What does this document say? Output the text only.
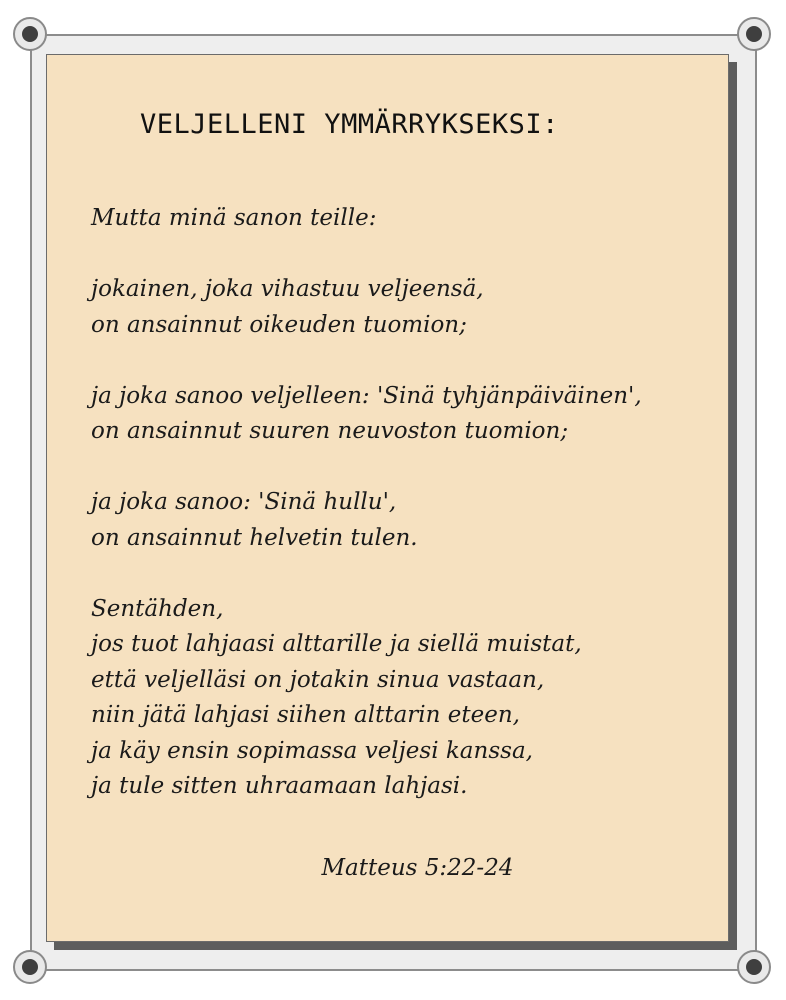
VELJELLENI YMMÄRRYKSEKSI:
Mutta minä sanon teille:
jokainen, joka vihastuu veljeensä,
on ansainnut oikeuden tuomion;
ja joka sanoo veljelleen: 'Sinä tyhjänpäiväinen',
on ansainnut suuren neuvoston tuomion;
ja joka sanoo: 'Sinä hullu',
on ansainnut helvetin tulen.
Sentähden,
jos tuot lahjaasi alttarille ja siellä muistat,
että veljelläsi on jotakin sinua vastaan,
niin jätä lahjasi siihen alttarin eteen,
ja käy ensin sopimassa veljesi kanssa,
ja tule sitten uhraamaan lahjasi.
Matteus 5:22-24
